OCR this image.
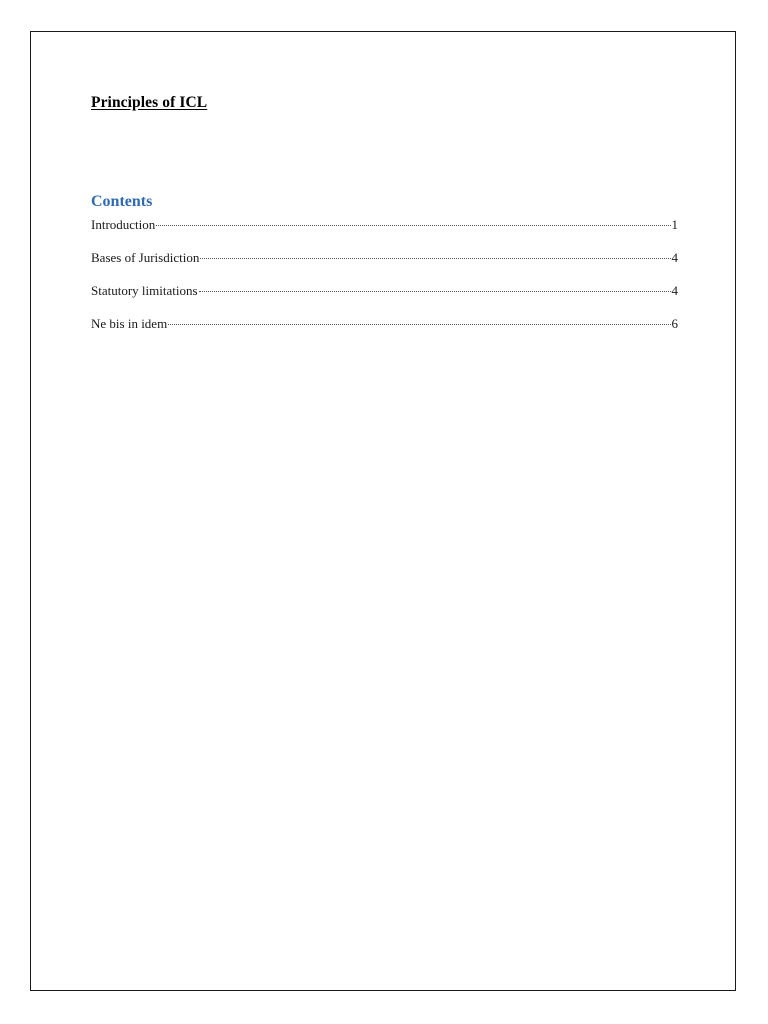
Principles of ICL
Contents
Introduction	1
Bases of Jurisdiction	4
Statutory limitations	4
Ne bis in idem	6
